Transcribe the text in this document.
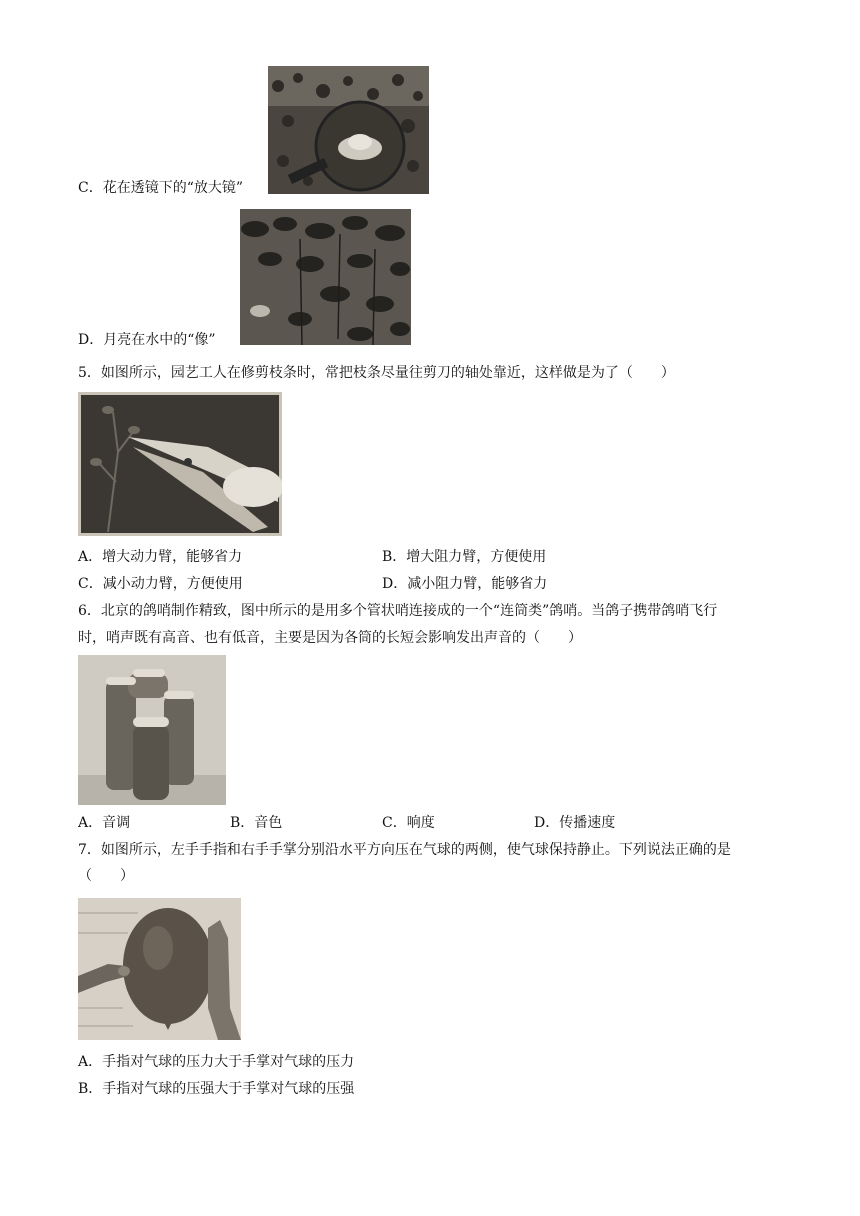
C．花在透镜下的“放大镜”
D．月亮在水中的“像”
5．如图所示，园艺工人在修剪枝条时，常把枝条尽量往剪刀的轴处靠近，这样做是为了（　　）
A．增大动力臂，能够省力	B．增大阻力臂，方便使用
C．减小动力臂，方便使用	D．减小阻力臂，能够省力
6．北京的鸽哨制作精致，图中所示的是用多个管状哨连接成的一个“连筒类”鸽哨。当鸽子携带鸽哨飞行
时，哨声既有高音、也有低音，主要是因为各筒的长短会影响发出声音的（　　）
A．音调	B．音色	C．响度	D．传播速度
7．如图所示，左手手指和右手手掌分别沿水平方向压在气球的两侧，使气球保持静止。下列说法正确的是
（　　）
A．手指对气球的压力大于手掌对气球的压力
B．手指对气球的压强大于手掌对气球的压强
